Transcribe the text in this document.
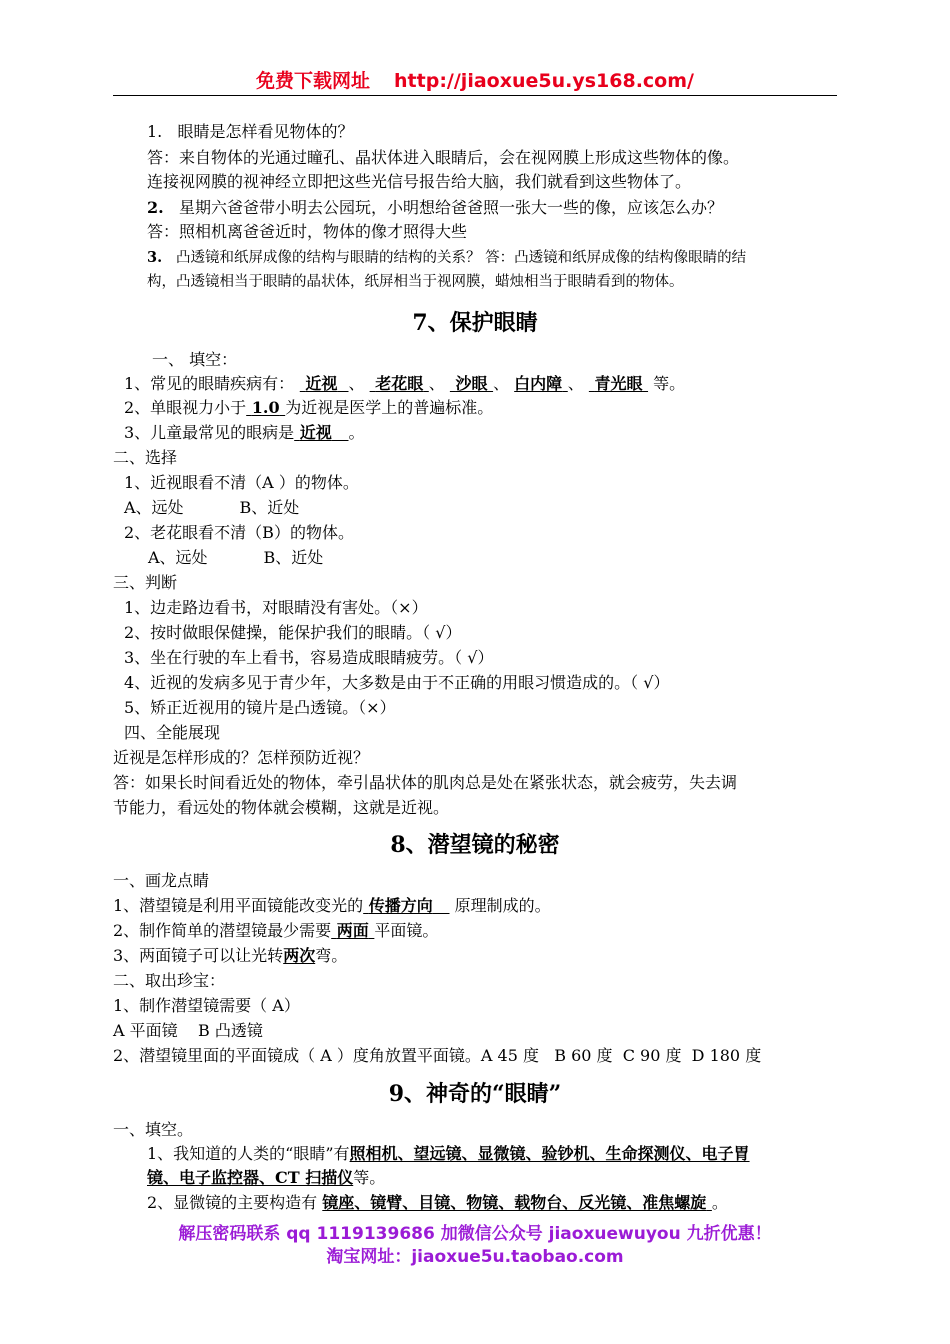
免费下载网址 http://jiaoxue5u.ys168.com/
1.   眼睛是怎样看见物体的？
答：来自物体的光通过瞳孔、晶状体进入眼睛后，会在视网膜上形成这些物体的像。
连接视网膜的视神经立即把这些光信号报告给大脑，我们就看到这些物体了。
2. 星期六爸爸带小明去公园玩，小明想给爸爸照一张大一些的像，应该怎么办？
答：照相机离爸爸近时，物体的像才照得大些
3. 凸透镜和纸屏成像的结构与眼睛的结构的关系？ 答：凸透镜和纸屏成像的结构像眼睛的结
构，凸透镜相当于眼睛的晶状体，纸屏相当于视网膜，蜡烛相当于眼睛看到的物体。
7、保护眼睛
一、 填空：
1、常见的眼睛疾病有： 近视 、 老花眼 、 沙眼 、 白内障 、 青光眼 等。
2、单眼视力小于 1.0 为近视是医学上的普遍标准。
3、儿童最常见的眼病是 近视 。
二、选择
1、近视眼看不清（A ）的物体。
A、远处           B、近处
2、老花眼看不清（B）的物体。
A、远处           B、近处
三、判断
1、边走路边看书，对眼睛没有害处。（×）
2、按时做眼保健操，能保护我们的眼睛。（ √）
3、坐在行驶的车上看书，容易造成眼睛疲劳。（ √）
4、近视的发病多见于青少年，大多数是由于不正确的用眼习惯造成的。（ √）
5、矫正近视用的镜片是凸透镜。（×）
四、全能展现
近视是怎样形成的？怎样预防近视？
答：如果长时间看近处的物体，牵引晶状体的肌肉总是处在紧张状态，就会疲劳，失去调
节能力，看远处的物体就会模糊，这就是近视。
8、潜望镜的秘密
一、画龙点睛
1、潜望镜是利用平面镜能改变光的 传播方向 原理制成的。
2、制作简单的潜望镜最少需要 两面 平面镜。
3、两面镜子可以让光转两次弯。
二、取出珍宝：
1、制作潜望镜需要（ A）
A 平面镜    B 凸透镜
2、潜望镜里面的平面镜成（ A ）度角放置平面镜。A 45 度   B 60 度  C 90 度  D 180 度
9、神奇的“眼睛”
一、填空。
1、我知道的人类的“眼睛”有照相机、望远镜、显微镜、验钞机、生命探测仪、电子胃
镜、电子监控器、CT 扫描仪等。
2、显微镜的主要构造有 镜座、镜臂、目镜、物镜、载物台、反光镜、准焦螺旋 。
解压密码联系 qq 1119139686 加微信公众号 jiaoxuewuyou 九折优惠！
淘宝网址：jiaoxue5u.taobao.com
